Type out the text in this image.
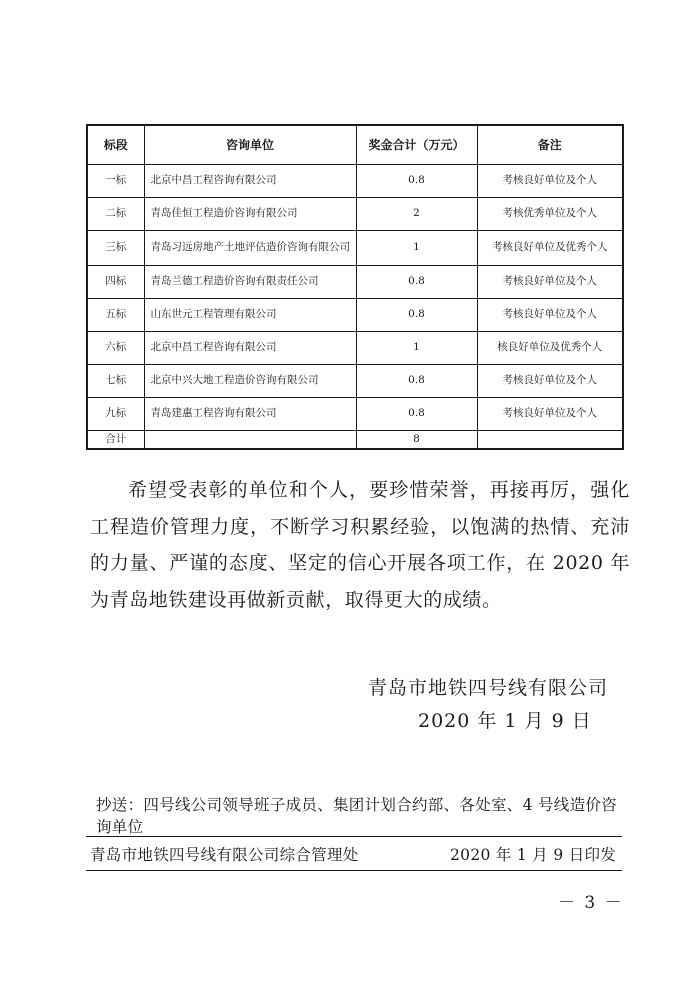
标段	咨询单位	奖金合计（万元）	备注
一标	北京中昌工程咨询有限公司	0.8	考核良好单位及个人
二标	青岛佳恒工程造价咨询有限公司	2	考核优秀单位及个人
三标	青岛习远房地产土地评估造价咨询有限公司	1	考核良好单位及优秀个人
四标	青岛兰德工程造价咨询有限责任公司	0.8	考核良好单位及个人
五标	山东世元工程管理有限公司	0.8	考核良好单位及个人
六标	北京中昌工程咨询有限公司	1	核良好单位及优秀个人
七标	北京中兴大地工程造价咨询有限公司	0.8	考核良好单位及个人
九标	青岛建惠工程咨询有限公司	0.8	考核良好单位及个人
合计		8	

希望受表彰的单位和个人，要珍惜荣誉，再接再厉，强化工程造价管理力度，不断学习积累经验，以饱满的热情、充沛的力量、严谨的态度、坚定的信心开展各项工作，在 2020 年为青岛地铁建设再做新贡献，取得更大的成绩。

青岛市地铁四号线有限公司
2020 年 1 月 9 日
抄送：四号线公司领导班子成员、集团计划合约部、各处室、4 号线造价咨询单位
青岛市地铁四号线有限公司综合管理处	2020 年 1 月 9 日印发
－ 3 －
